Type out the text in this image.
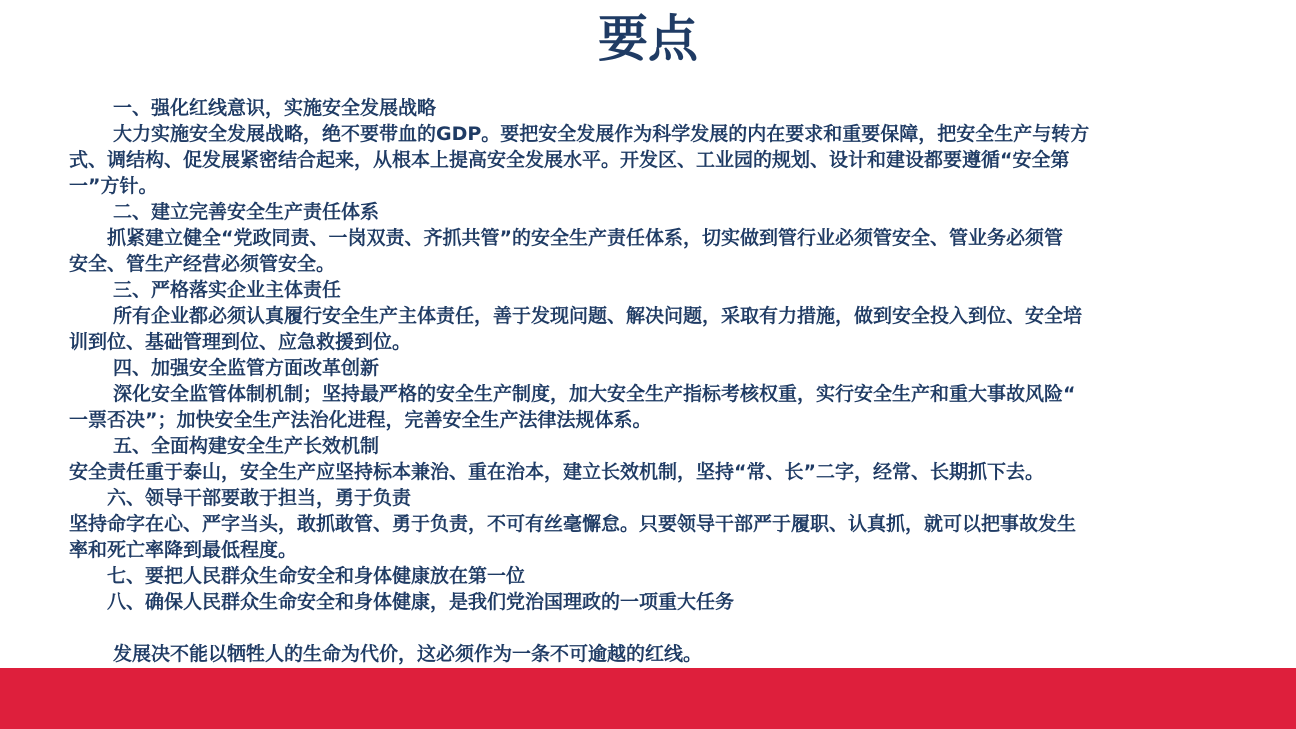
要点
一、强化红线意识，实施安全发展战略
大力实施安全发展战略，绝不要带血的GDP。要把安全发展作为科学发展的内在要求和重要保障，把安全生产与转方
式、调结构、促发展紧密结合起来，从根本上提高安全发展水平。开发区、工业园的规划、设计和建设都要遵循“安全第
一”方针。
二、建立完善安全生产责任体系
抓紧建立健全“党政同责、一岗双责、齐抓共管”的安全生产责任体系，切实做到管行业必须管安全、管业务必须管
安全、管生产经营必须管安全。
三、严格落实企业主体责任
所有企业都必须认真履行安全生产主体责任，善于发现问题、解决问题，采取有力措施，做到安全投入到位、安全培
训到位、基础管理到位、应急救援到位。
四、加强安全监管方面改革创新
深化安全监管体制机制；坚持最严格的安全生产制度，加大安全生产指标考核权重，实行安全生产和重大事故风险“
一票否决”；加快安全生产法治化进程，完善安全生产法律法规体系。
五、全面构建安全生产长效机制
安全责任重于泰山，安全生产应坚持标本兼治、重在治本，建立长效机制，坚持“常、长”二字，经常、长期抓下去。
六、领导干部要敢于担当，勇于负责
坚持命字在心、严字当头，敢抓敢管、勇于负责，不可有丝毫懈怠。只要领导干部严于履职、认真抓，就可以把事故发生
率和死亡率降到最低程度。
七、要把人民群众生命安全和身体健康放在第一位
八、确保人民群众生命安全和身体健康，是我们党治国理政的一项重大任务
发展决不能以牺牲人的生命为代价，这必须作为一条不可逾越的红线。
